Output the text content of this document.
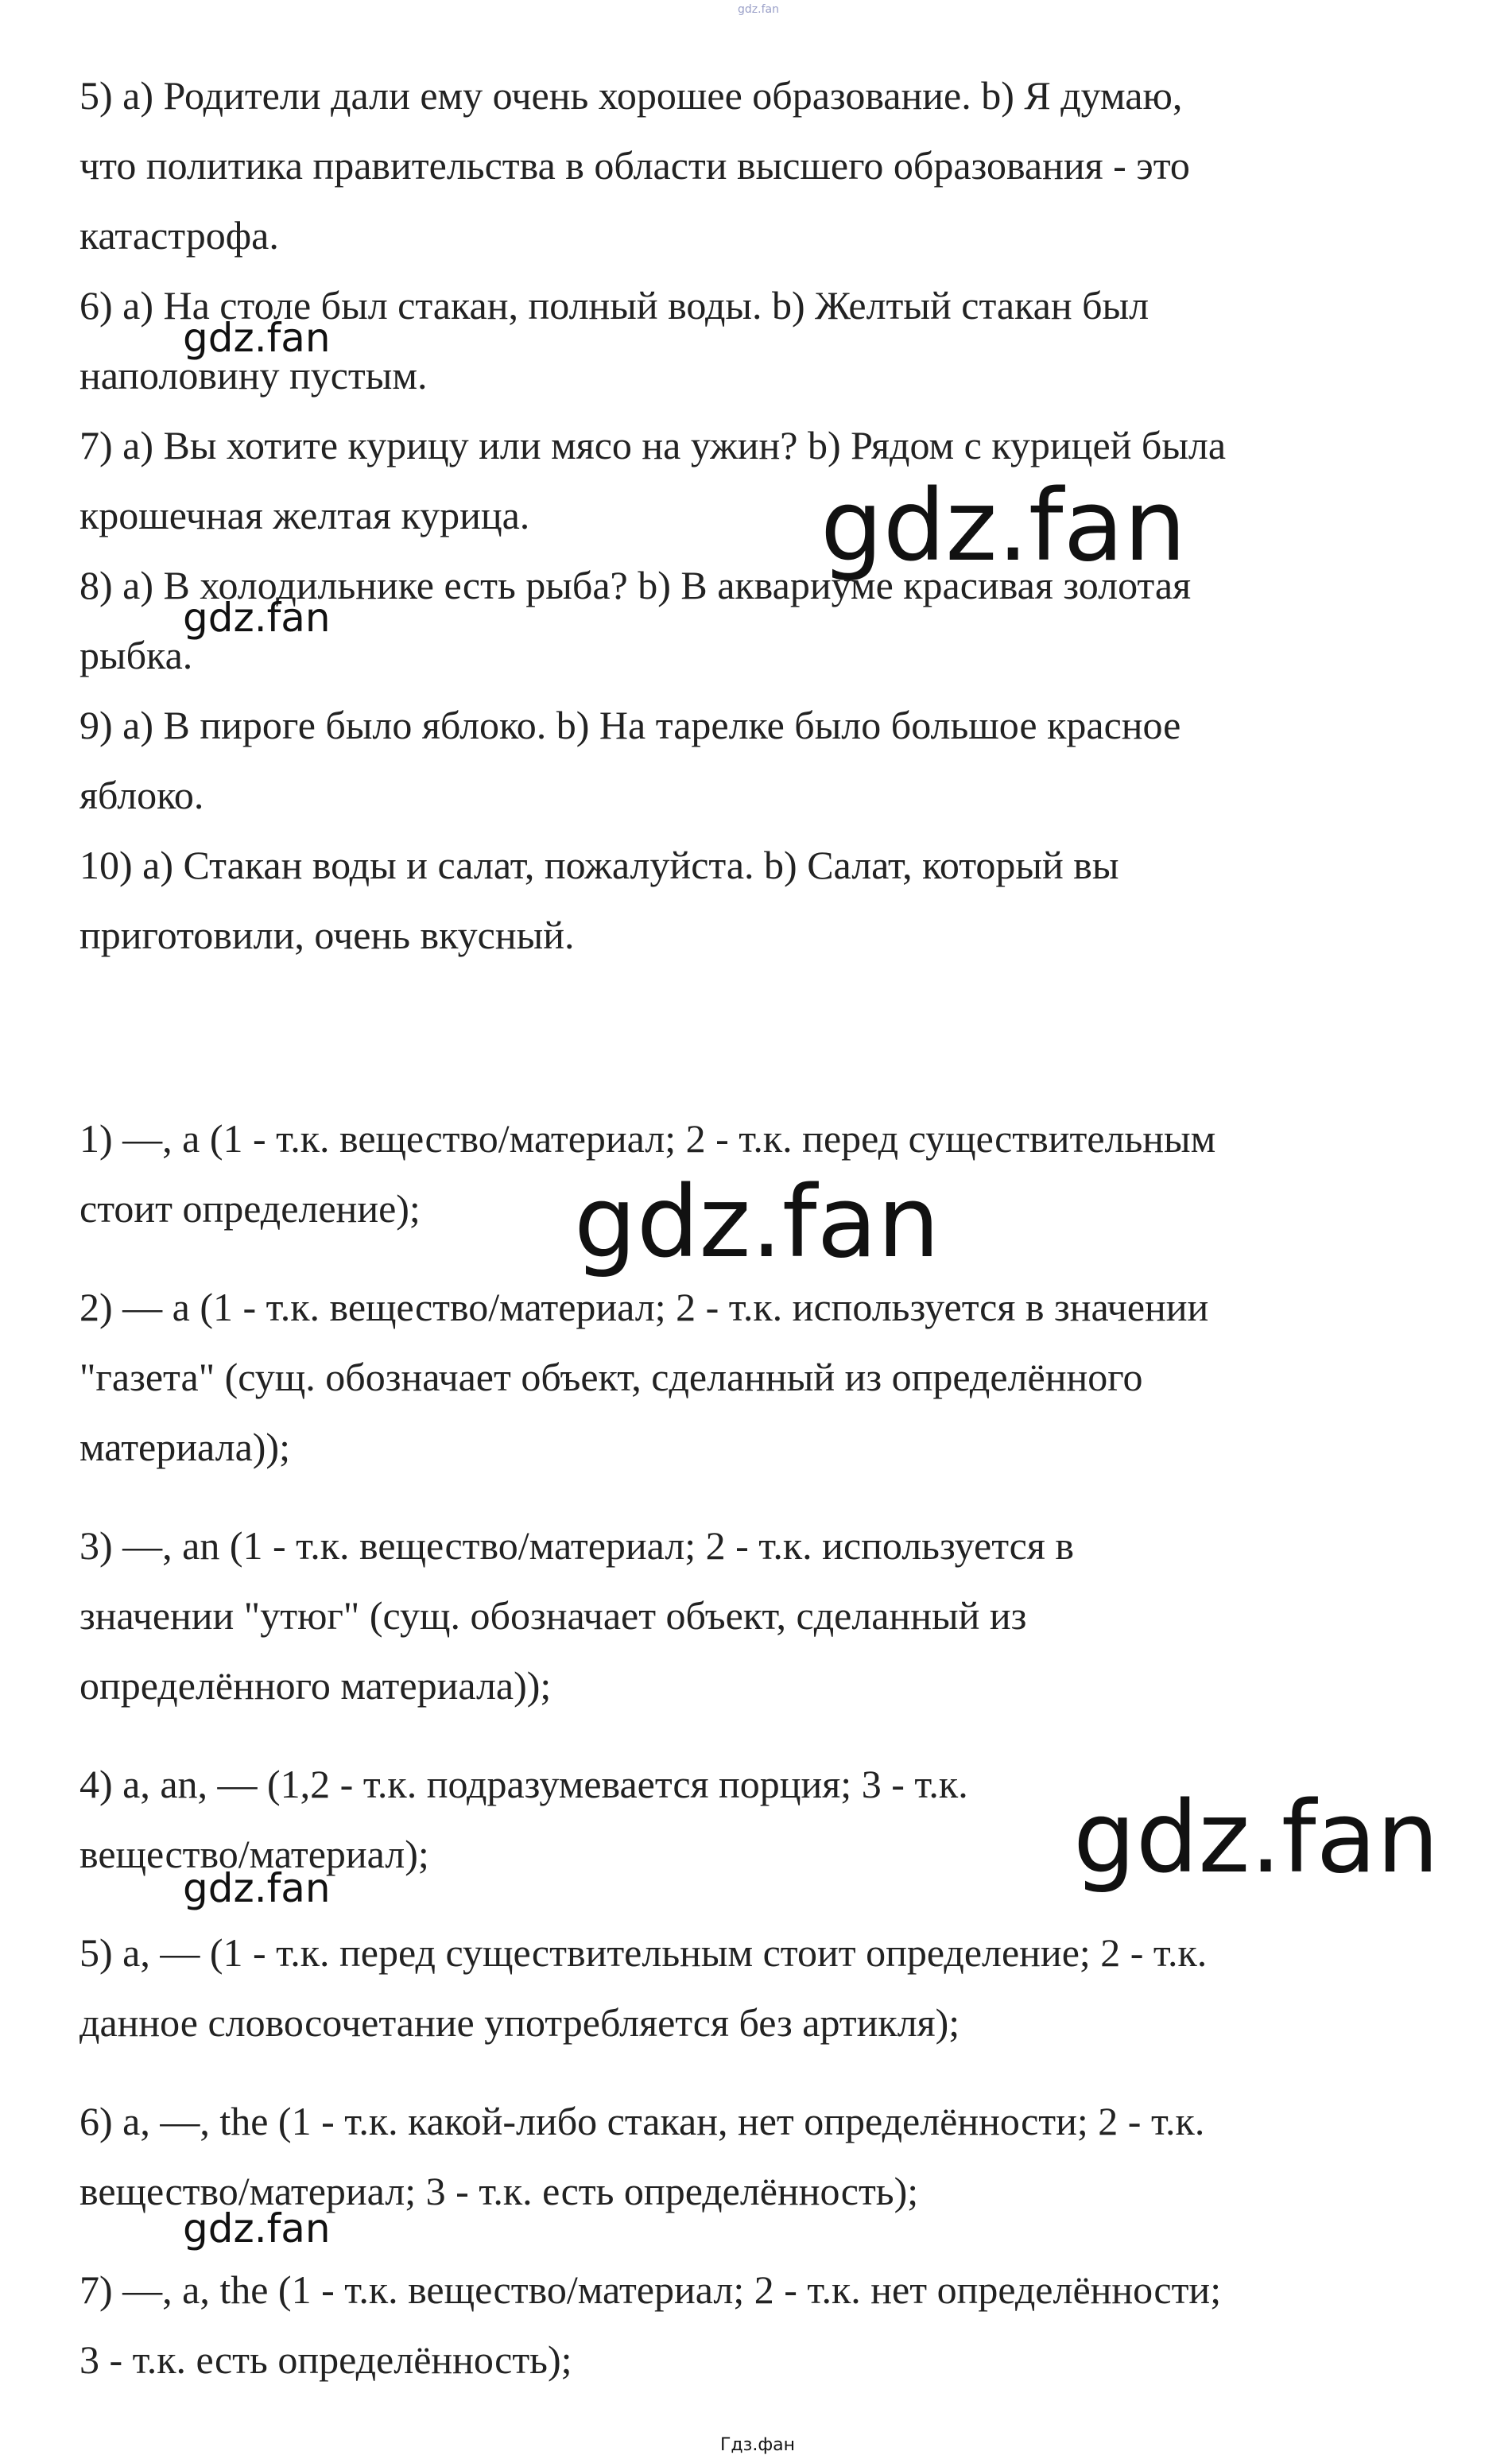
gdz.fan
5) a) Родители дали ему очень хорошее образование. b) Я думаю,
что политика правительства в области высшего образования - это
катастрофа.
6) a) На столе был стакан, полный воды. b) Желтый стакан был
наполовину пустым.
7) a) Вы хотите курицу или мясо на ужин? b) Рядом с курицей была
крошечная желтая курица.
8) a) В холодильнике есть рыба? b) В аквариуме красивая золотая
рыбка.
9) a) В пироге было яблоко. b) На тарелке было большое красное
яблоко.
10) a) Стакан воды и салат, пожалуйста. b) Салат, который вы
приготовили, очень вкусный.
1) —, a (1 - т.к. вещество/материал; 2 - т.к. перед существительным
стоит определение);
2) — a (1 - т.к. вещество/материал; 2 - т.к. используется в значении
"газета" (сущ. обозначает объект, сделанный из определённого
материала));
3) —, an (1 - т.к. вещество/материал; 2 - т.к. используется в
значении "утюг" (сущ. обозначает объект, сделанный из
определённого материала));
4) a, an, — (1,2 - т.к. подразумевается порция; 3 - т.к.
вещество/материал);
5) a, — (1 - т.к. перед существительным стоит определение; 2 - т.к.
данное словосочетание употребляется без артикля);
6) a, —, the (1 - т.к. какой-либо стакан, нет определённости; 2 - т.к.
вещество/материал; 3 - т.к. есть определённость);
7) —, a, the (1 - т.к. вещество/материал; 2 - т.к. нет определённости;
3 - т.к. есть определённость);
gdz.fan
gdz.fan
gdz.fan
gdz.fan
gdz.fan
gdz.fan
gdz.fan
Гдз.фан
